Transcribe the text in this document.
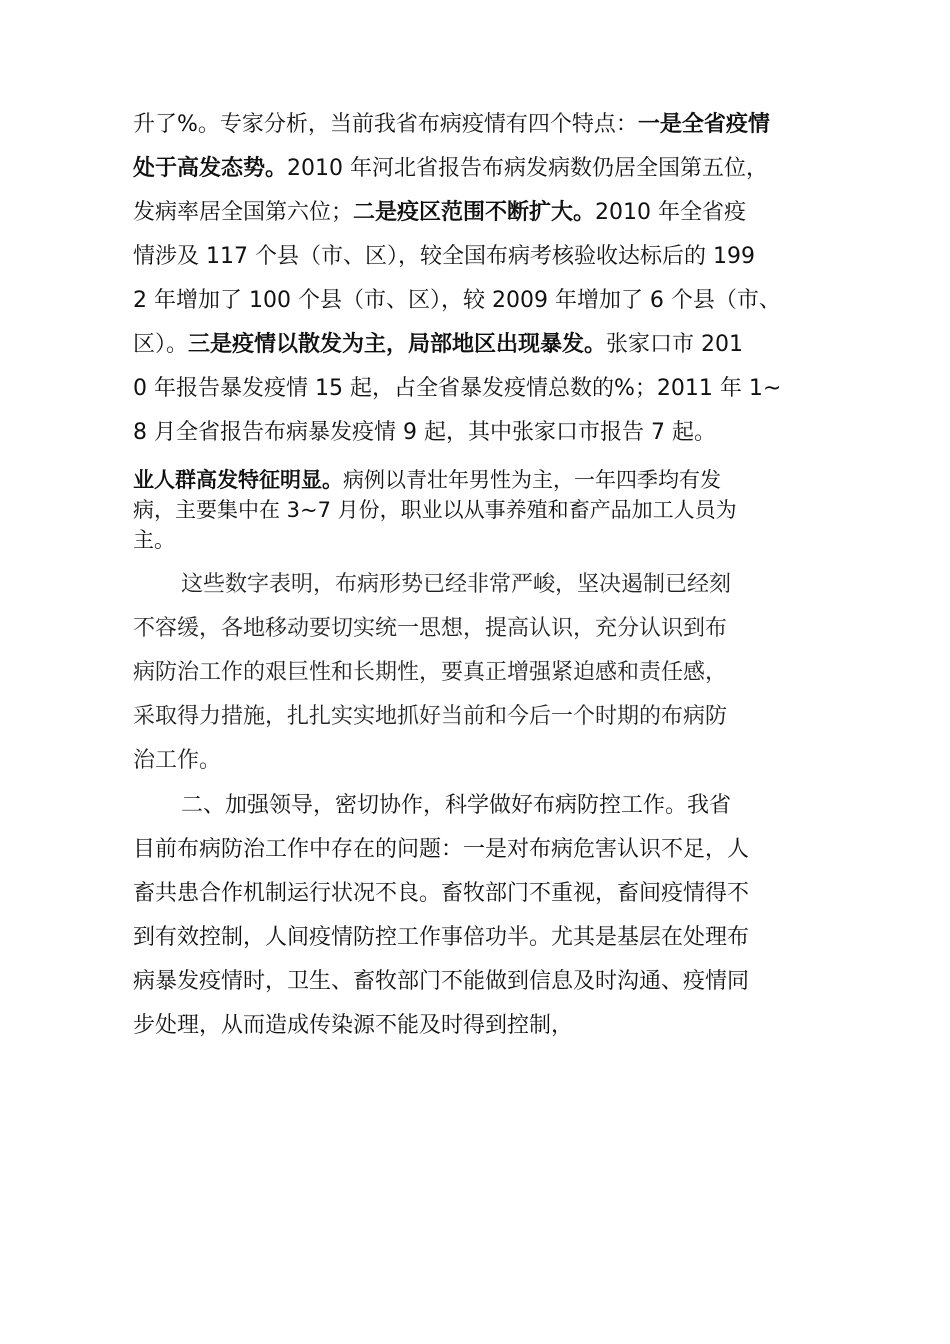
升了%。专家分析，当前我省布病疫情有四个特点：一是全省疫情
处于高发态势。2010 年河北省报告布病发病数仍居全国第五位，
发病率居全国第六位；二是疫区范围不断扩大。2010 年全省疫
情涉及 117 个县（市、区），较全国布病考核验收达标后的 199
2 年增加了 100 个县（市、区），较 2009 年增加了 6 个县（市、
区）。三是疫情以散发为主，局部地区出现暴发。张家口市 201
0 年报告暴发疫情 15 起，占全省暴发疫情总数的%；2011 年 1~
8 月全省报告布病暴发疫情 9 起，其中张家口市报告 7 起。
业人群高发特征明显。病例以青壮年男性为主，一年四季均有发
病，主要集中在 3~7 月份，职业以从事养殖和畜产品加工人员为
主。
这些数字表明，布病形势已经非常严峻，坚决遏制已经刻
不容缓，各地移动要切实统一思想，提高认识，充分认识到布
病防治工作的艰巨性和长期性，要真正增强紧迫感和责任感，
采取得力措施，扎扎实实地抓好当前和今后一个时期的布病防
治工作。
二、加强领导，密切协作，科学做好布病防控工作。我省
目前布病防治工作中存在的问题：一是对布病危害认识不足，人
畜共患合作机制运行状况不良。畜牧部门不重视，畜间疫情得不
到有效控制，人间疫情防控工作事倍功半。尤其是基层在处理布
病暴发疫情时，卫生、畜牧部门不能做到信息及时沟通、疫情同
步处理，从而造成传染源不能及时得到控制，
